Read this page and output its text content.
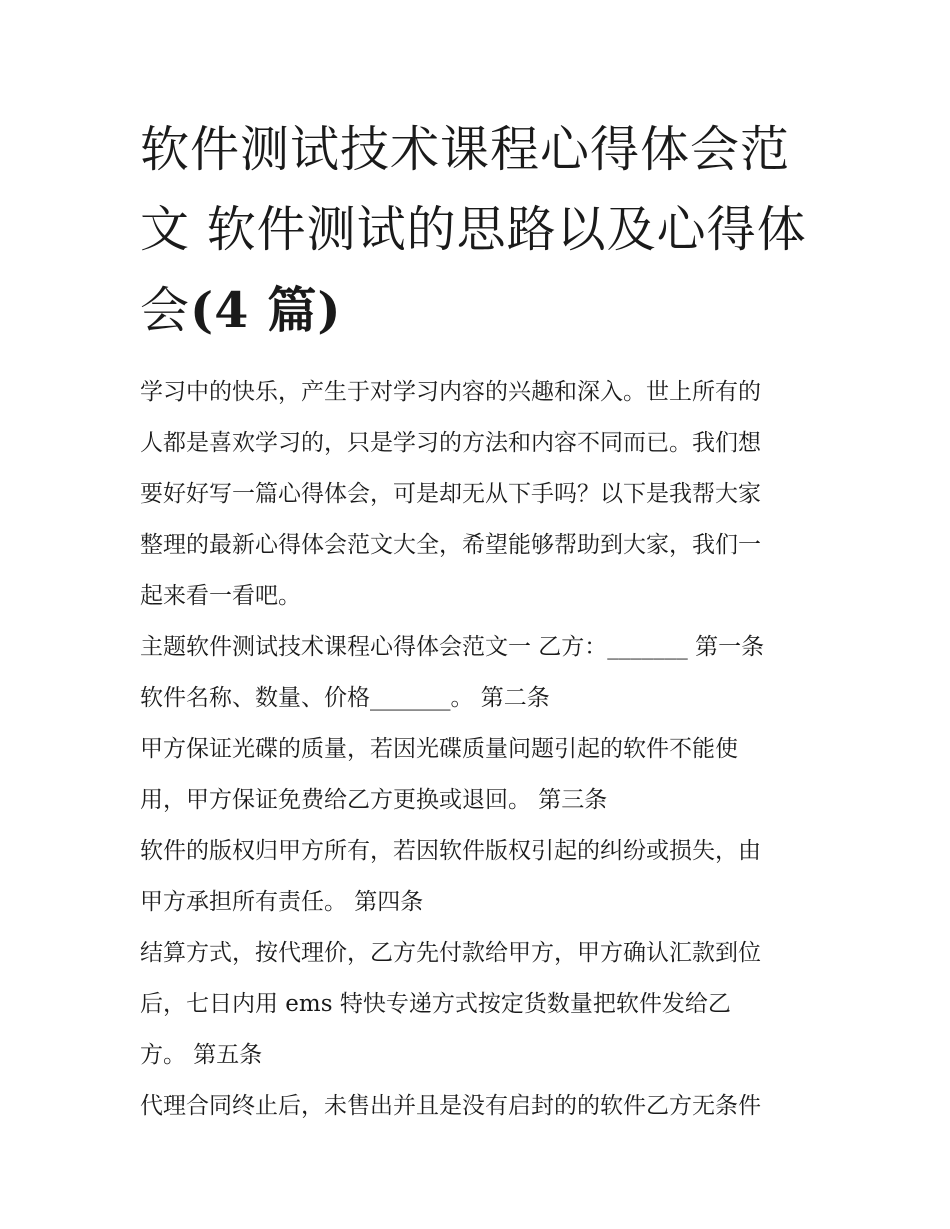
软件测试技术课程心得体会范
文 软件测试的思路以及心得体
会(4 篇)

学习中的快乐，产生于对学习内容的兴趣和深入。世上所有的

人都是喜欢学习的，只是学习的方法和内容不同而已。我们想

要好好写一篇心得体会，可是却无从下手吗？以下是我帮大家

整理的最新心得体会范文大全，希望能够帮助到大家，我们一

起来看一看吧。

主题软件测试技术课程心得体会范文一 乙方：_______ 第一条

软件名称、数量、价格_______。 第二条

甲方保证光碟的质量，若因光碟质量问题引起的软件不能使

用，甲方保证免费给乙方更换或退回。 第三条

软件的版权归甲方所有，若因软件版权引起的纠纷或损失，由

甲方承担所有责任。 第四条

结算方式，按代理价，乙方先付款给甲方，甲方确认汇款到位

后，七日内用 ems 特快专递方式按定货数量把软件发给乙

方。 第五条

代理合同终止后，未售出并且是没有启封的的软件乙方无条件
